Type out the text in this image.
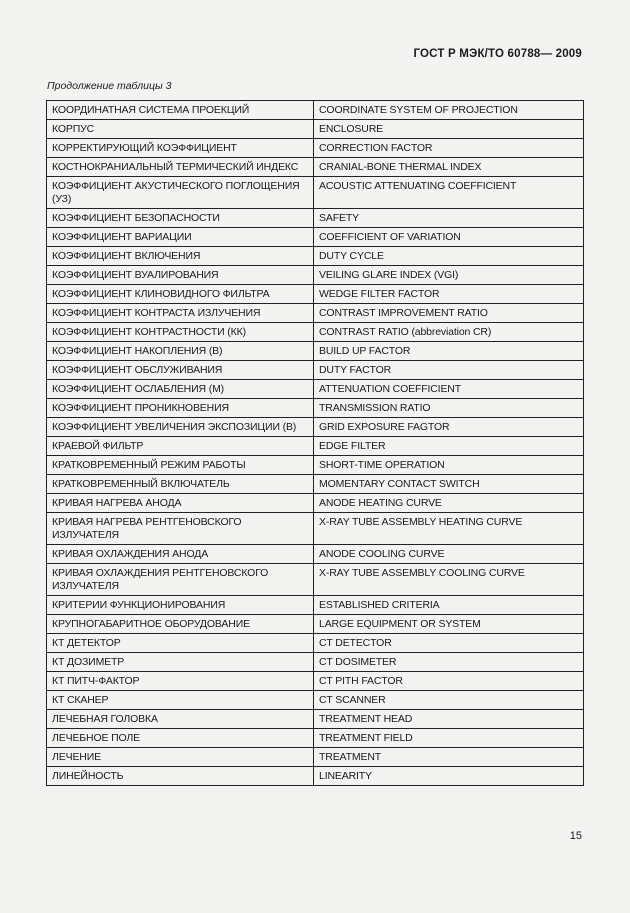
ГОСТ Р МЭК/ТО 60788— 2009
Продолжение таблицы 3
КООРДИНАТНАЯ СИСТЕМА ПРОЕКЦИЙ	COORDINATE SYSTEM OF PROJECTION
КОРПУС	ENCLOSURE
КОРРЕКТИРУЮЩИЙ КОЭФФИЦИЕНТ	CORRECTION FACTOR
КОСТНОКРАНИАЛЬНЫЙ ТЕРМИЧЕСКИЙ ИНДЕКС	CRANIAL-BONE THERMAL INDEX
КОЭФФИЦИЕНТ АКУСТИЧЕСКОГО ПОГЛОЩЕНИЯ (УЗ)	ACOUSTIC ATTENUATING COEFFICIENT
КОЭФФИЦИЕНТ БЕЗОПАСНОСТИ	SAFETY
КОЭФФИЦИЕНТ ВАРИАЦИИ	COEFFICIENT OF VARIATION
КОЭФФИЦИЕНТ ВКЛЮЧЕНИЯ	DUTY CYCLE
КОЭФФИЦИЕНТ ВУАЛИРОВАНИЯ	VEILING GLARE INDEX (VGI)
КОЭФФИЦИЕНТ КЛИНОВИДНОГО ФИЛЬТРА	WEDGE FILTER FACTOR
КОЭФФИЦИЕНТ КОНТРАСТА ИЗЛУЧЕНИЯ	CONTRAST IMPROVEMENT RATIO
КОЭФФИЦИЕНТ КОНТРАСТНОСТИ (КК)	CONTRAST RATIO (abbreviation CR)
КОЭФФИЦИЕНТ НАКОПЛЕНИЯ (В)	BUILD UP FACTOR
КОЭФФИЦИЕНТ ОБСЛУЖИВАНИЯ	DUTY FACTOR
КОЭФФИЦИЕНТ ОСЛАБЛЕНИЯ (М)	ATTENUATION COEFFICIENT
КОЭФФИЦИЕНТ ПРОНИКНОВЕНИЯ	TRANSMISSION RATIO
КОЭФФИЦИЕНТ УВЕЛИЧЕНИЯ ЭКСПОЗИЦИИ (В)	GRID EXPOSURE FAGTOR
КРАЕВОЙ ФИЛЬТР	EDGE FILTER
КРАТКОВРЕМЕННЫЙ РЕЖИМ РАБОТЫ	SHORT-TIME OPERATION
КРАТКОВРЕМЕННЫЙ ВКЛЮЧАТЕЛЬ	MOMENTARY CONTACT SWITCH
КРИВАЯ НАГРЕВА АНОДА	ANODE HEATING CURVE
КРИВАЯ НАГРЕВА РЕНТГЕНОВСКОГО ИЗЛУЧАТЕЛЯ	X-RAY TUBE ASSEMBLY HEATING CURVE
КРИВАЯ ОХЛАЖДЕНИЯ АНОДА	ANODE COOLING CURVE
КРИВАЯ ОХЛАЖДЕНИЯ РЕНТГЕНОВСКОГО ИЗЛУЧАТЕЛЯ	X-RAY TUBE ASSEMBLY COOLING CURVE
КРИТЕРИИ ФУНКЦИОНИРОВАНИЯ	ESTABLISHED CRITERIA
КРУПНОГАБАРИТНОЕ ОБОРУДОВАНИЕ	LARGE EQUIPMENT OR SYSTEM
КТ ДЕТЕКТОР	CT DETECTOR
КТ ДОЗИМЕТР	CT DOSIMETER
КТ ПИТЧ-ФАКТОР	CT PITH FACTOR
КТ СКАНЕР	CT SCANNER
ЛЕЧЕБНАЯ ГОЛОВКА	TREATMENT HEAD
ЛЕЧЕБНОЕ ПОЛЕ	TREATMENT FIELD
ЛЕЧЕНИЕ	TREATMENT
ЛИНЕЙНОСТЬ	LINEARITY
15
